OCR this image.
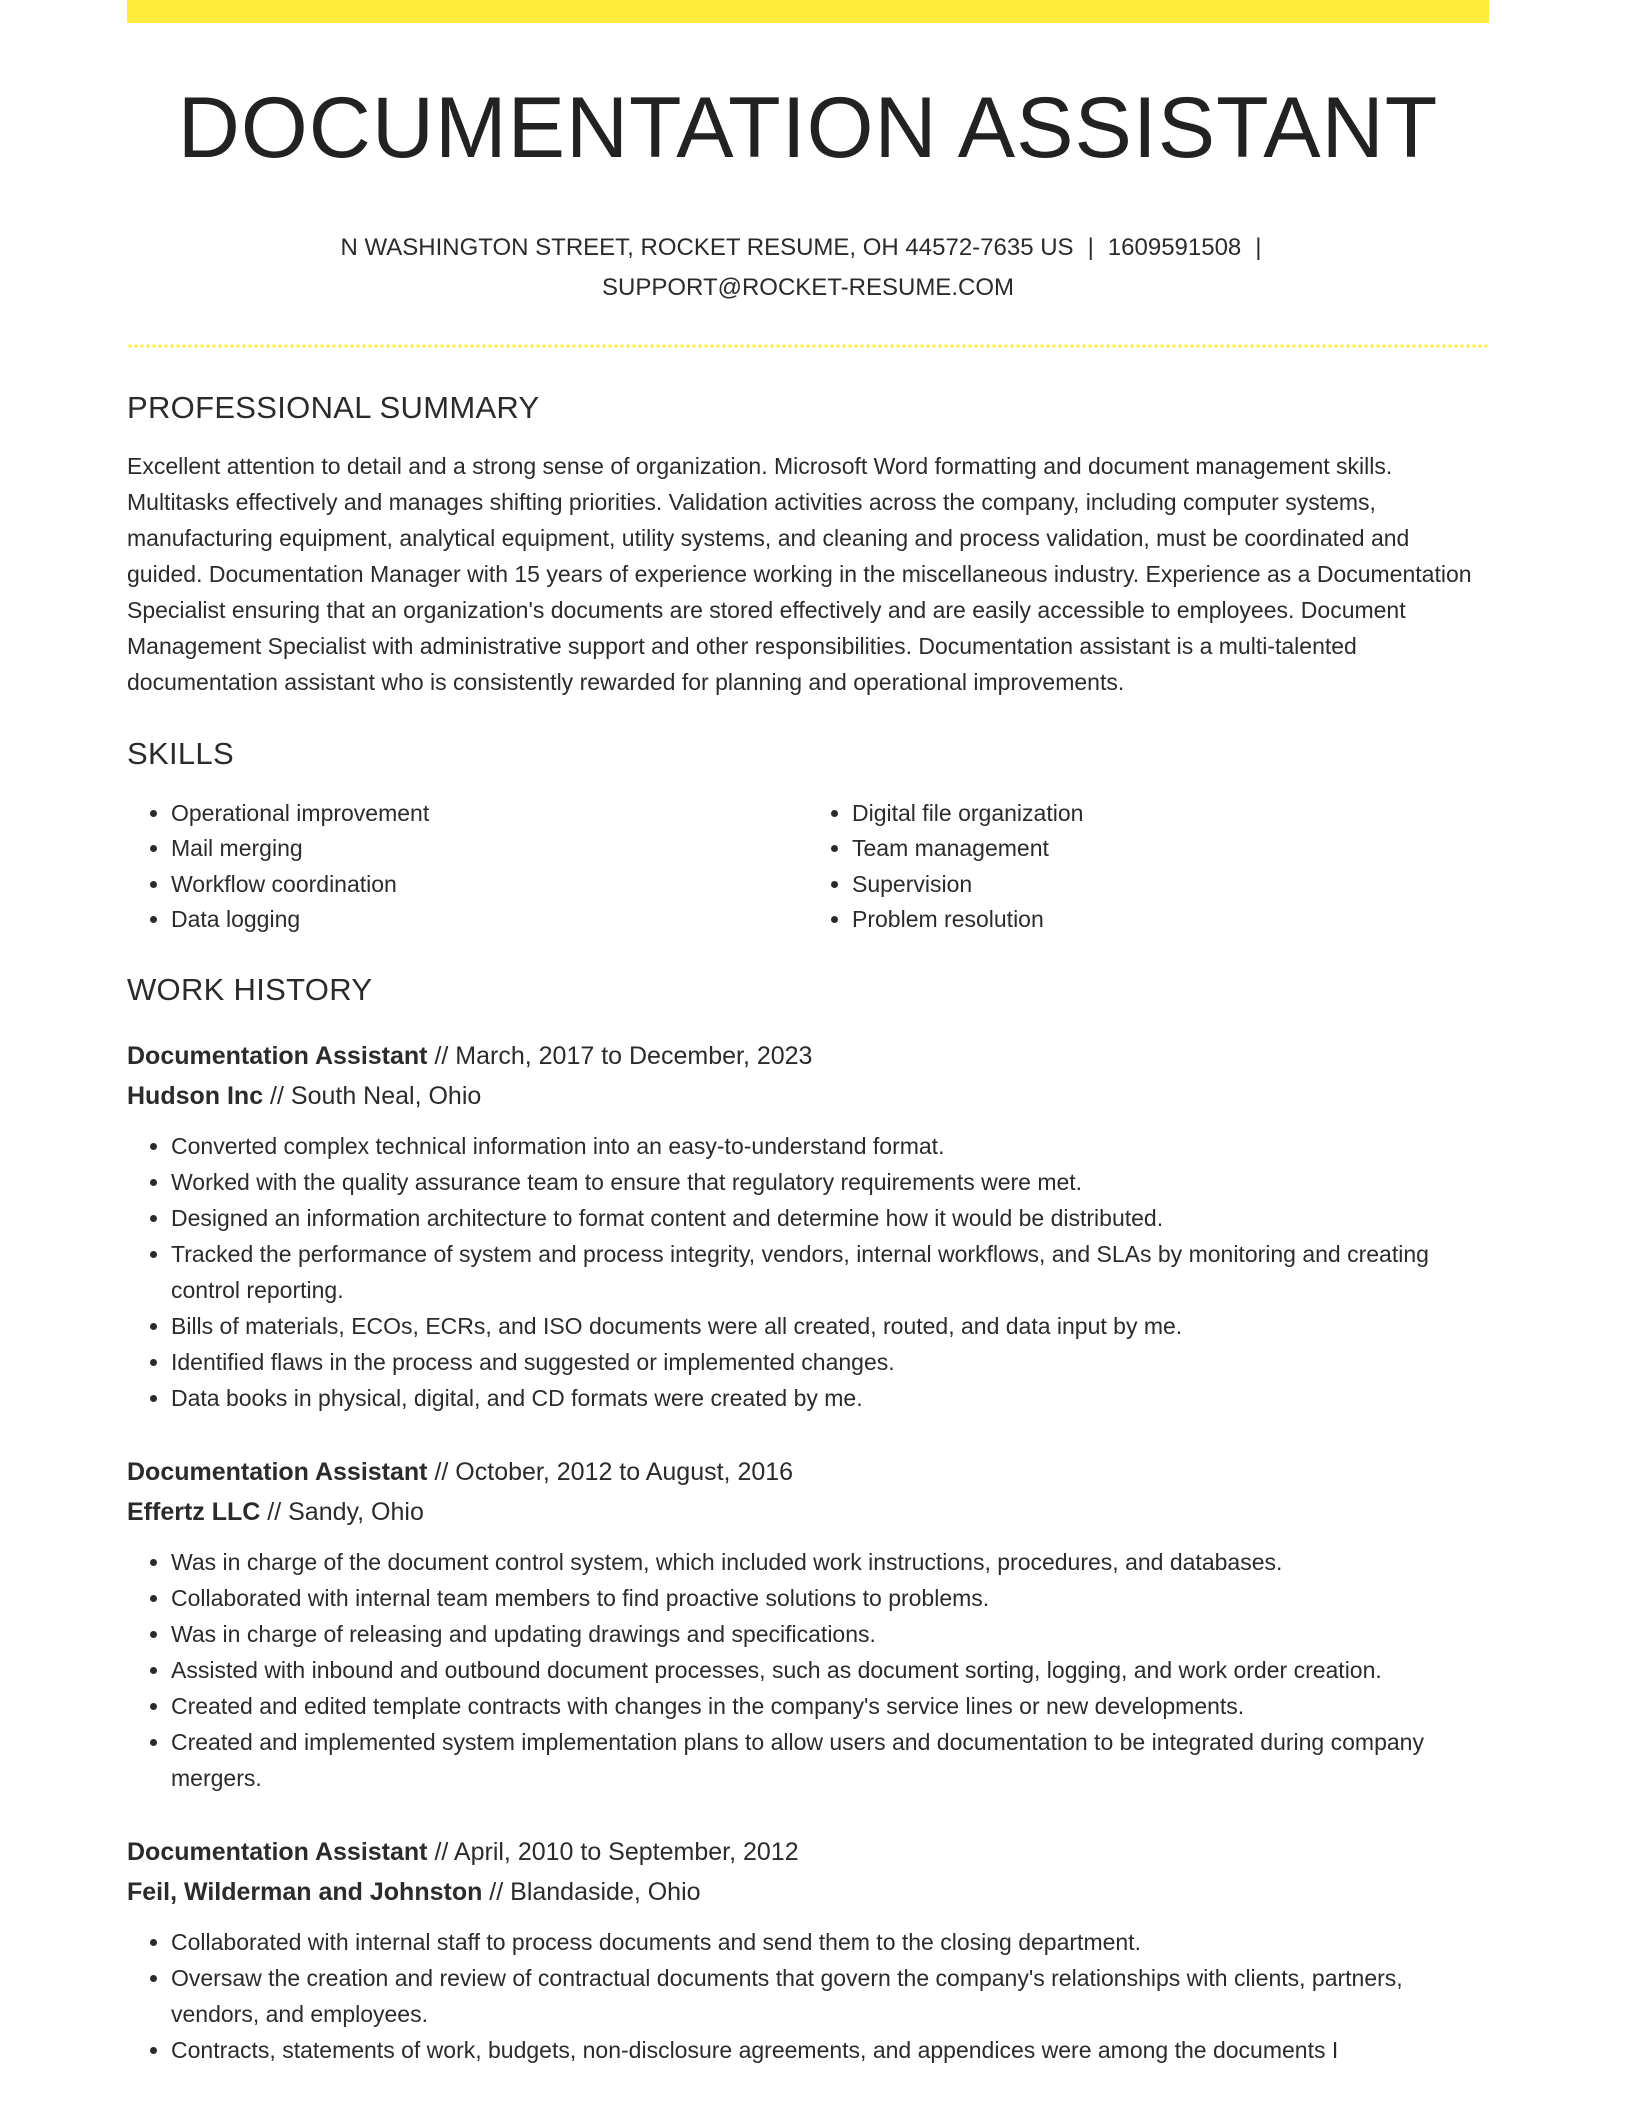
DOCUMENTATION ASSISTANT
N WASHINGTON STREET, ROCKET RESUME, OH 44572-7635 US | 1609591508 |
SUPPORT@ROCKET-RESUME.COM
PROFESSIONAL SUMMARY

Excellent attention to detail and a strong sense of organization. Microsoft Word formatting and document management skills. Multitasks effectively and manages shifting priorities. Validation activities across the company, including computer systems, manufacturing equipment, analytical equipment, utility systems, and cleaning and process validation, must be coordinated and guided. Documentation Manager with 15 years of experience working in the miscellaneous industry. Experience as a Documentation Specialist ensuring that an organization's documents are stored effectively and are easily accessible to employees. Document Management Specialist with administrative support and other responsibilities. Documentation assistant is a multi-talented documentation assistant who is consistently rewarded for planning and operational improvements.

SKILLS
• Operational improvement
• Mail merging
• Workflow coordination
• Data logging
• Digital file organization
• Team management
• Supervision
• Problem resolution
WORK HISTORY
Documentation Assistant // March, 2017 to December, 2023
Hudson Inc // South Neal, Ohio
• Converted complex technical information into an easy-to-understand format.
• Worked with the quality assurance team to ensure that regulatory requirements were met.
• Designed an information architecture to format content and determine how it would be distributed.
• Tracked the performance of system and process integrity, vendors, internal workflows, and SLAs by monitoring and creating control reporting.
• Bills of materials, ECOs, ECRs, and ISO documents were all created, routed, and data input by me.
• Identified flaws in the process and suggested or implemented changes.
• Data books in physical, digital, and CD formats were created by me.
Documentation Assistant // October, 2012 to August, 2016
Effertz LLC // Sandy, Ohio
• Was in charge of the document control system, which included work instructions, procedures, and databases.
• Collaborated with internal team members to find proactive solutions to problems.
• Was in charge of releasing and updating drawings and specifications.
• Assisted with inbound and outbound document processes, such as document sorting, logging, and work order creation.
• Created and edited template contracts with changes in the company's service lines or new developments.
• Created and implemented system implementation plans to allow users and documentation to be integrated during company mergers.
Documentation Assistant // April, 2010 to September, 2012
Feil, Wilderman and Johnston // Blandaside, Ohio
• Collaborated with internal staff to process documents and send them to the closing department.
• Oversaw the creation and review of contractual documents that govern the company's relationships with clients, partners, vendors, and employees.
• Contracts, statements of work, budgets, non-disclosure agreements, and appendices were among the documents I
